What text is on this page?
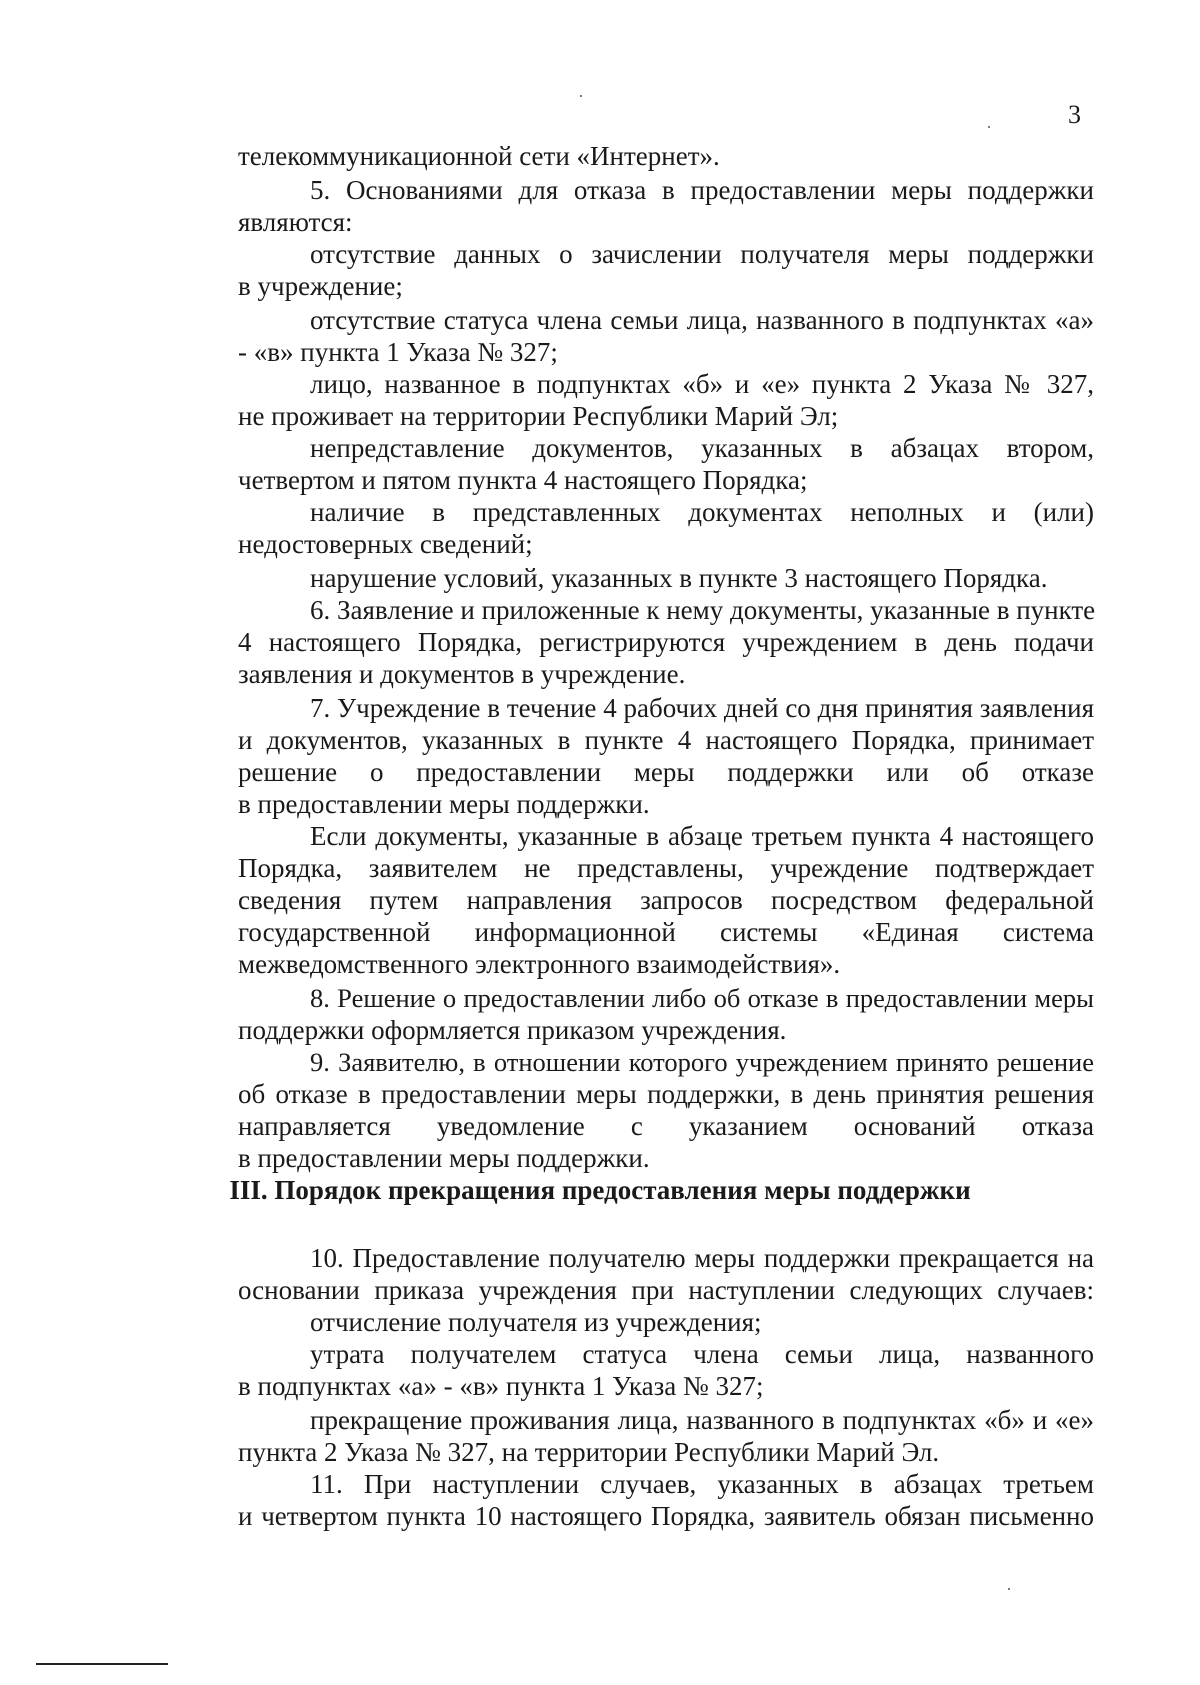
3
телекоммуникационной сети «Интернет».
5. Основаниями для отказа в предоставлении меры поддержки
являются:
отсутствие данных о зачислении получателя меры поддержки
в учреждение;
отсутствие статуса члена семьи лица, названного в подпунктах «а»
- «в» пункта 1 Указа № 327;
лицо, названное в подпунктах «б» и «е» пункта 2 Указа № 327,
не проживает на территории Республики Марий Эл;
непредставление документов, указанных в абзацах втором,
четвертом и пятом пункта 4 настоящего Порядка;
наличие в представленных документах неполных и (или)
недостоверных сведений;
нарушение условий, указанных в пункте 3 настоящего Порядка.
6. Заявление и приложенные к нему документы, указанные в пункте
4 настоящего Порядка, регистрируются учреждением в день подачи
заявления и документов в учреждение.
7. Учреждение в течение 4 рабочих дней со дня принятия заявления
и документов, указанных в пункте 4 настоящего Порядка, принимает
решение о предоставлении меры поддержки или об отказе
в предоставлении меры поддержки.
Если документы, указанные в абзаце третьем пункта 4 настоящего
Порядка, заявителем не представлены, учреждение подтверждает
сведения путем направления запросов посредством федеральной
государственной информационной системы «Единая система
межведомственного электронного взаимодействия».
8. Решение о предоставлении либо об отказе в предоставлении меры
поддержки оформляется приказом учреждения.
9. Заявителю, в отношении которого учреждением принято решение
об отказе в предоставлении меры поддержки, в день принятия решения
направляется уведомление с указанием оснований отказа
в предоставлении меры поддержки.
III. Порядок прекращения предоставления меры поддержки
10. Предоставление получателю меры поддержки прекращается на
основании приказа учреждения при наступлении следующих случаев:
отчисление получателя из учреждения;
утрата получателем статуса члена семьи лица, названного
в подпунктах «а» - «в» пункта 1 Указа № 327;
прекращение проживания лица, названного в подпунктах «б» и «е»
пункта 2 Указа № 327, на территории Республики Марий Эл.
11. При наступлении случаев, указанных в абзацах третьем
и четвертом пункта 10 настоящего Порядка, заявитель обязан письменно
